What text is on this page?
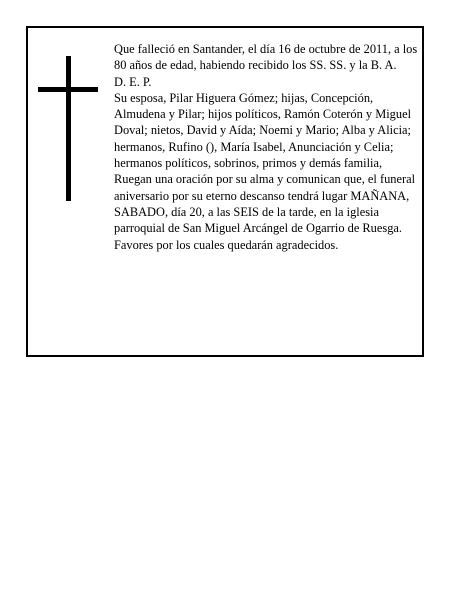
Que falleció en Santander, el día 16 de octubre de 2011, a los 80 años de edad, habiendo recibido los SS. SS. y la B. A.

D. E. P.

Su esposa, Pilar Higuera Gómez; hijas, Concepción, Almudena y Pilar; hijos políticos, Ramón Coterón y Miguel Doval; nietos, David y Aída; Noemi y Mario; Alba y Alicia; hermanos, Rufino (), María Isabel, Anunciación y Celia; hermanos políticos, sobrinos, primos y demás familia,

Ruegan una oración por su alma y comunican que, el funeral aniversario por su eterno descanso tendrá lugar MAÑANA, SABADO, día 20, a las SEIS de la tarde, en la iglesia parroquial de San Miguel Arcángel de Ogarrio de Ruesga. Favores por los cuales quedarán agradecidos.
